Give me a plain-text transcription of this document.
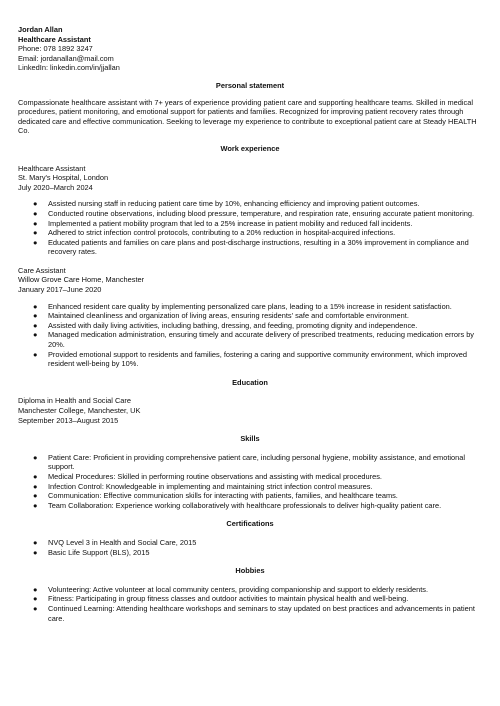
Jordan Allan
Healthcare Assistant
Phone: 078 1892 3247
Email: jordanallan@mail.com
LinkedIn: linkedin.com/in/jjallan
Personal statement
Compassionate healthcare assistant with 7+ years of experience providing patient care and supporting healthcare teams. Skilled in medical procedures, patient monitoring, and emotional support for patients and families. Recognized for improving patient recovery rates through dedicated care and effective communication. Seeking to leverage my experience to contribute to exceptional patient care at Steady HEALTH Co.
Work experience
Healthcare Assistant
St. Mary's Hospital, London
July 2020–March 2024
● Assisted nursing staff in reducing patient care time by 10%, enhancing efficiency and improving patient outcomes.
● Conducted routine observations, including blood pressure, temperature, and respiration rate, ensuring accurate patient monitoring.
● Implemented a patient mobility program that led to a 25% increase in patient mobility and reduced fall incidents.
● Adhered to strict infection control protocols, contributing to a 20% reduction in hospital-acquired infections.
● Educated patients and families on care plans and post-discharge instructions, resulting in a 30% improvement in compliance and recovery rates.
Care Assistant
Willow Grove Care Home, Manchester
January 2017–June 2020
● Enhanced resident care quality by implementing personalized care plans, leading to a 15% increase in resident satisfaction.
● Maintained cleanliness and organization of living areas, ensuring residents' safe and comfortable environment.
● Assisted with daily living activities, including bathing, dressing, and feeding, promoting dignity and independence.
● Managed medication administration, ensuring timely and accurate delivery of prescribed treatments, reducing medication errors by 20%.
● Provided emotional support to residents and families, fostering a caring and supportive community environment, which improved resident well-being by 10%.
Education
Diploma in Health and Social Care
Manchester College, Manchester, UK
September 2013–August 2015
Skills
● Patient Care: Proficient in providing comprehensive patient care, including personal hygiene, mobility assistance, and emotional support.
● Medical Procedures: Skilled in performing routine observations and assisting with medical procedures.
● Infection Control: Knowledgeable in implementing and maintaining strict infection control measures.
● Communication: Effective communication skills for interacting with patients, families, and healthcare teams.
● Team Collaboration: Experience working collaboratively with healthcare professionals to deliver high-quality patient care.
Certifications
● NVQ Level 3 in Health and Social Care, 2015
● Basic Life Support (BLS), 2015
Hobbies
● Volunteering: Active volunteer at local community centers, providing companionship and support to elderly residents.
● Fitness: Participating in group fitness classes and outdoor activities to maintain physical health and well-being.
● Continued Learning: Attending healthcare workshops and seminars to stay updated on best practices and advancements in patient care.
